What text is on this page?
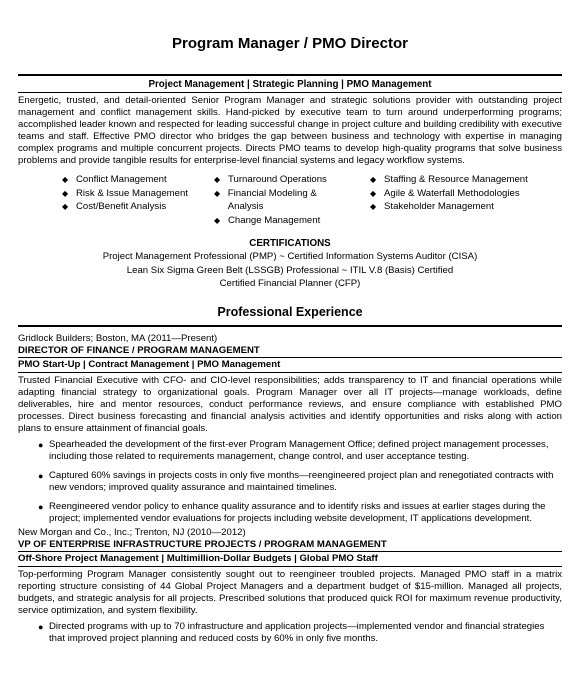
Program Manager / PMO Director
Project Management | Strategic Planning | PMO Management
Energetic, trusted, and detail-oriented Senior Program Manager and strategic solutions provider with outstanding project management and conflict management skills. Hand-picked by executive team to turn around underperforming programs; accomplished leader known and respected for leading successful change in project culture and building credibility with executive teams and staff. Effective PMO director who bridges the gap between business and technology with expertise in managing complex programs and multiple concurrent projects. Directs PMO teams to develop high-quality programs that solve business problems and provide tangible results for enterprise-level financial systems and legacy workflow systems.
◆ Conflict Management
◆ Risk & Issue Management
◆ Cost/Benefit Analysis
◆ Turnaround Operations
◆ Financial Modeling & Analysis
◆ Change Management
◆ Staffing & Resource Management
◆ Agile & Waterfall Methodologies
◆ Stakeholder Management
CERTIFICATIONS
Project Management Professional (PMP) ~ Certified Information Systems Auditor (CISA)
Lean Six Sigma Green Belt (LSSGB) Professional ~ ITIL V.8 (Basis) Certified
Certified Financial Planner (CFP)
Professional Experience
Gridlock Builders; Boston, MA (2011—Present)
DIRECTOR OF FINANCE / PROGRAM MANAGEMENT
PMO Start-Up | Contract Management | PMO Management
Trusted Financial Executive with CFO- and CIO-level responsibilities; adds transparency to IT and financial operations while adapting financial strategy to organizational goals. Program Manager over all IT projects—manage workloads, define deliverables, hire and mentor resources, conduct performance reviews, and ensure compliance with established PMO processes. Direct business forecasting and financial analysis activities and identify opportunities and risks along with action plans to ensure attainment of financial goals.
● Spearheaded the development of the first-ever Program Management Office; defined project management processes, including those related to requirements management, change control, and user acceptance testing.
● Captured 60% savings in projects costs in only five months—reengineered project plan and renegotiated contracts with new vendors; improved quality assurance and maintained timelines.
● Reengineered vendor policy to enhance quality assurance and to identify risks and issues at earlier stages during the project; implemented vendor evaluations for projects including website development, IT applications development.
New Morgan and Co., Inc.; Trenton, NJ (2010—2012)
VP OF ENTERPRISE INFRASTRUCTURE PROJECTS / PROGRAM MANAGEMENT
Off-Shore Project Management | Multimillion-Dollar Budgets | Global PMO Staff
Top-performing Program Manager consistently sought out to reengineer troubled projects. Managed PMO staff in a matrix reporting structure consisting of 44 Global Project Managers and a department budget of $15-million. Managed all projects, budgets, and strategic analysis for all projects. Prescribed solutions that produced quick ROI for maximum revenue productivity, service optimization, and system flexibility.
● Directed programs with up to 70 infrastructure and application projects—implemented vendor and financial strategies that improved project planning and reduced costs by 60% in only five months.
